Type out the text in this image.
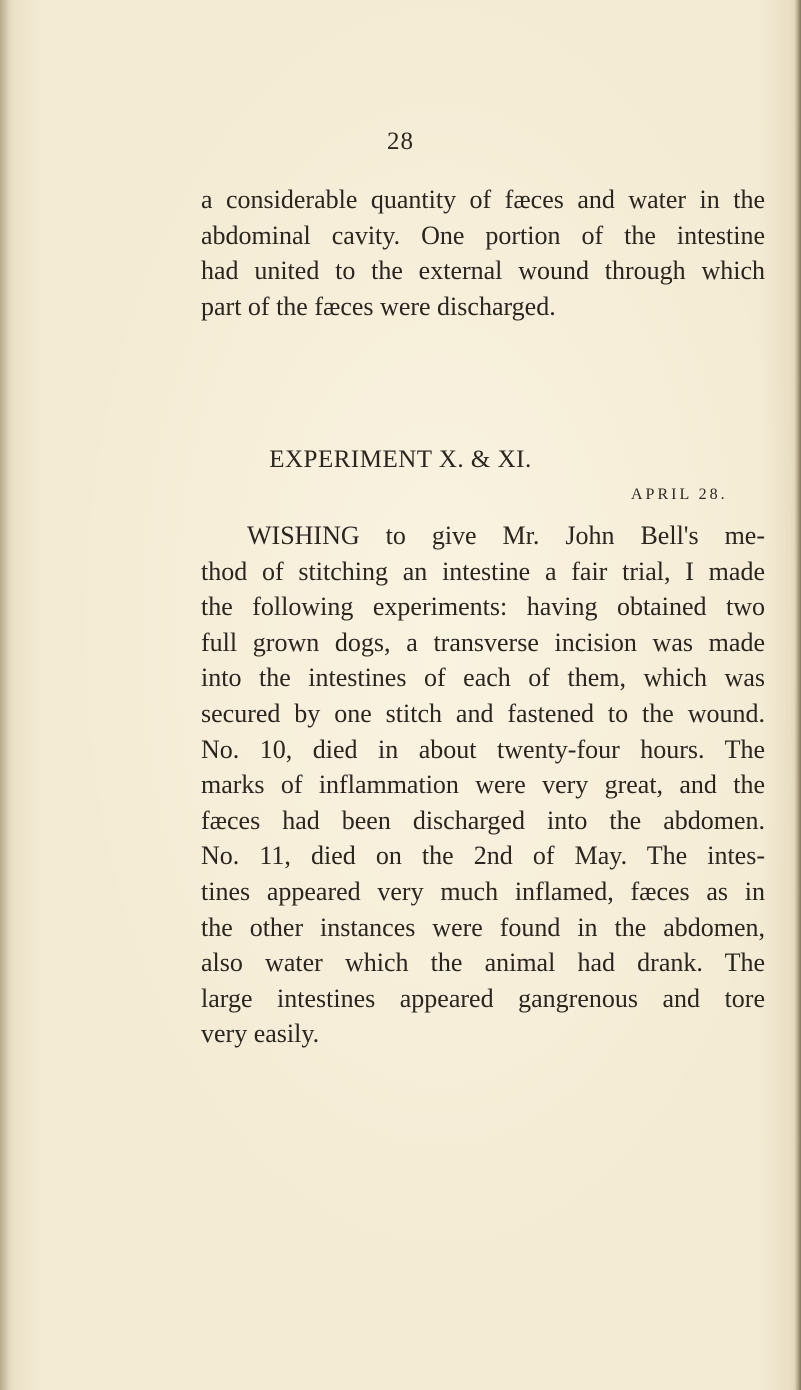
28
a considerable quantity of fæces and water in the
abdominal cavity. One portion of the intestine
had united to the external wound through which
part of the fæces were discharged.
EXPERIMENT X. & XI.
APRIL 28.
WISHING to give Mr. John Bell's me-
thod of stitching an intestine a fair trial, I made
the following experiments: having obtained two
full grown dogs, a transverse incision was made
into the intestines of each of them, which was
secured by one stitch and fastened to the wound.
No. 10, died in about twenty-four hours. The
marks of inflammation were very great, and the
fæces had been discharged into the abdomen.
No. 11, died on the 2nd of May. The intes-
tines appeared very much inflamed, fæces as in
the other instances were found in the abdomen,
also water which the animal had drank. The
large intestines appeared gangrenous and tore
very easily.
